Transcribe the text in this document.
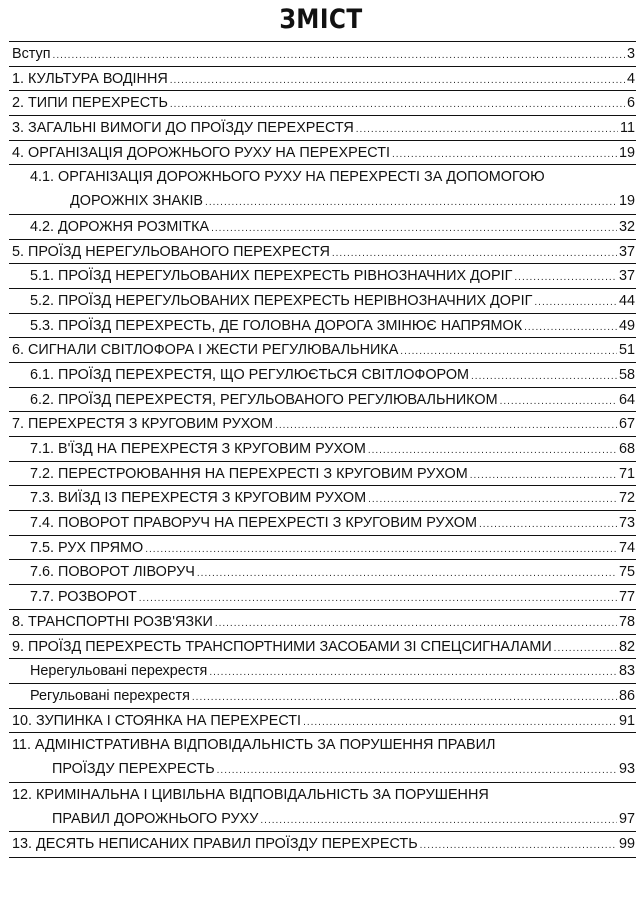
ЗМІСТ
Вступ .....	3
1. КУЛЬТУРА ВОДІННЯ .....	4
2. ТИПИ ПЕРЕХРЕСТЬ .....	6
3. ЗАГАЛЬНІ ВИМОГИ ДО ПРОЇЗДУ ПЕРЕХРЕСТЯ .....	11
4. ОРГАНІЗАЦІЯ ДОРОЖНЬОГО РУХУ НА ПЕРЕХРЕСТІ .....	19
4.1. ОРГАНІЗАЦІЯ ДОРОЖНЬОГО РУХУ НА ПЕРЕХРЕСТІ ЗА ДОПОМОГОЮ
ДОРОЖНІХ ЗНАКІВ .....	19
4.2. ДОРОЖНЯ РОЗМІТКА .....	32
5. ПРОЇЗД НЕРЕГУЛЬОВАНОГО ПЕРЕХРЕСТЯ .....	37
5.1. ПРОЇЗД НЕРЕГУЛЬОВАНИХ ПЕРЕХРЕСТЬ РІВНОЗНАЧНИХ ДОРІГ .....	37
5.2. ПРОЇЗД НЕРЕГУЛЬОВАНИХ ПЕРЕХРЕСТЬ НЕРІВНОЗНАЧНИХ ДОРІГ .....	44
5.3. ПРОЇЗД ПЕРЕХРЕСТЬ, ДЕ ГОЛОВНА ДОРОГА ЗМІНЮЄ НАПРЯМОК .....	49
6. СИГНАЛИ СВІТЛОФОРА І ЖЕСТИ РЕГУЛЮВАЛЬНИКА .....	51
6.1. ПРОЇЗД ПЕРЕХРЕСТЯ, ЩО РЕГУЛЮЄТЬСЯ СВІТЛОФОРОМ .....	58
6.2. ПРОЇЗД ПЕРЕХРЕСТЯ, РЕГУЛЬОВАНОГО РЕГУЛЮВАЛЬНИКОМ .....	64
7. ПЕРЕХРЕСТЯ З КРУГОВИМ РУХОМ .....	67
7.1. В'ЇЗД НА ПЕРЕХРЕСТЯ З КРУГОВИМ РУХОМ .....	68
7.2. ПЕРЕСТРОЮВАННЯ НА ПЕРЕХРЕСТІ З КРУГОВИМ РУХОМ .....	71
7.3. ВИЇЗД ІЗ ПЕРЕХРЕСТЯ З КРУГОВИМ РУХОМ .....	72
7.4. ПОВОРОТ ПРАВОРУЧ НА ПЕРЕХРЕСТІ З КРУГОВИМ РУХОМ .....	73
7.5. РУХ ПРЯМО .....	74
7.6. ПОВОРОТ ЛІВОРУЧ .....	75
7.7. РОЗВОРОТ .....	77
8. ТРАНСПОРТНІ РОЗВ'ЯЗКИ .....	78
9. ПРОЇЗД ПЕРЕХРЕСТЬ ТРАНСПОРТНИМИ ЗАСОБАМИ ЗІ СПЕЦСИГНАЛАМИ .....	82
Нерегульовані перехрестя .....	83
Регульовані перехрестя .....	86
10. ЗУПИНКА І СТОЯНКА НА ПЕРЕХРЕСТІ .....	91
11. АДМІНІСТРАТИВНА ВІДПОВІДАЛЬНІСТЬ ЗА ПОРУШЕННЯ ПРАВИЛ
ПРОЇЗДУ ПЕРЕХРЕСТЬ .....	93
12. КРИМІНАЛЬНА І ЦИВІЛЬНА ВІДПОВІДАЛЬНІСТЬ ЗА ПОРУШЕННЯ
ПРАВИЛ ДОРОЖНЬОГО РУХУ .....	97
13. ДЕСЯТЬ НЕПИСАНИХ ПРАВИЛ ПРОЇЗДУ ПЕРЕХРЕСТЬ .....	99
